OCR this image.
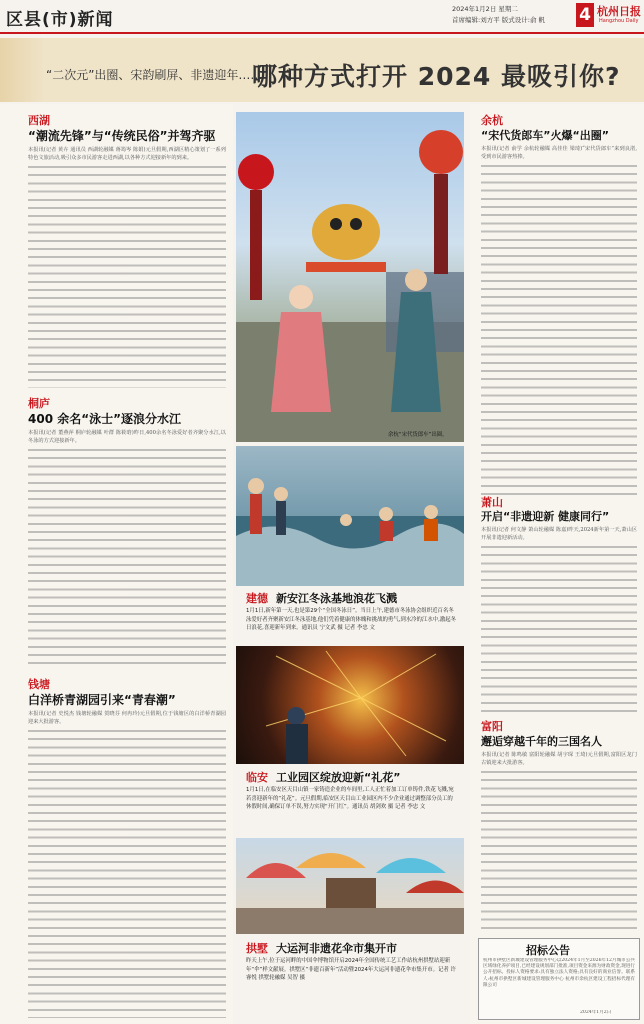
区县(市)新闻
2024年1月2日 星期二
首席编辑:刘方平 版式设计:俞 帆 4 杭州日报
Hangzhou Daily
“二次元”出圈、宋韵刷屏、非遗迎年……
哪种方式打开 2024 最吸引你?
西湖
“潮流先锋”与“传统民俗”并驾齐驱
本报讯(记者 黄卉 通讯员 西湖轮融媒 蒋筠岑 陈娟)元旦假期,西湖区精心策划了一系列特色文旅活动,吸引众多市民游客走进西湖,以各种方式迎接新年的到来。
桐庐
400 余名“泳士”逐浪分水江
本报讯(记者 董燕萍 桐庐轮融媒 叶群 陈筱晗)昨日,400余名冬泳爱好者齐聚分水江,以冬泳的方式迎接新年。
钱塘
白洋桥青湖园引来“青春潮”
本报讯(记者 史悦杰 钱塘轮融媒 贺晓芬 何冉玲)元旦假期,位于钱塘区的白洋桥青湖园迎来大批游客。
余杭“宋代货郎车”出圈。
建德 新安江冬泳基地浪花飞溅
1月1日,新年第一天,也是第29个“全国冬泳日”。当日上午,建德市冬泳协会组织近百名冬泳爱好者齐聚新安江冬泳基地,他们凭着健康的体魄和挑战的勇气,到水冷的江水中,激起冬日浪花,喜迎新年到来。通讯员 宁文武 摄 记者 李忠 文
临安 工业园区绽放迎新“礼花”
1月1日,在临安区天目山镇一家铸造企业的车间里,工人正忙着加工订单铸件,铁花飞溅,宛若喜迎新年的“礼花”。元旦假期,临安区天目山工业园区内不少企业通过调整部分员工的休假时间,确保订单不误,努力实现“开门红”。通讯员 胡剑欢 摄 记者 李忠 文
拱墅 大运河非遗花伞市集开市
昨天上午,位于运河畔的中国伞博物馆开启2024年全国传统工艺工作站杭州拱墅站迎新年“伞”样文献展。拱墅区“非遗百新年”活动暨2024年大运河非遗花伞市集开市。记者 许睿悦 拱墅轮融媒 吴智 摄
余杭
“宋代货郎车”火爆“出圈”
本报讯(记者 俞学 余杭轮融媒 高佳佳 梁琦)“宋代货郎车”来到良渚,受到市民游客热捧。
萧山
开启“非遗迎新 健康同行”
本报讯(记者 何文静 萧山轮融媒 陈嘉)昨天,2024新年第一天,萧山区开展非遗迎新活动。
富阳
邂逅穿越千年的三国名人
本报讯(记者 陈鸣敏 富阳轮融媒 胡宇琛 王琦)元旦假期,富阳区龙门古镇迎来大批游客。
招标公告
杭州市拱墅区新城建设管理服务中心以2024年1月至2026年12月城市公共区域绿化养护项目,已经建设规划部门批准,项目资金来源为财政资金,现进行公开招标。投标人资格要求:具有独立法人资格;具有良好的商业信誉。联系人:杭州市拱墅区新城建设管理服务中心 杭州市余杭区建设工程招标代理有限公司
2024年1月2日
